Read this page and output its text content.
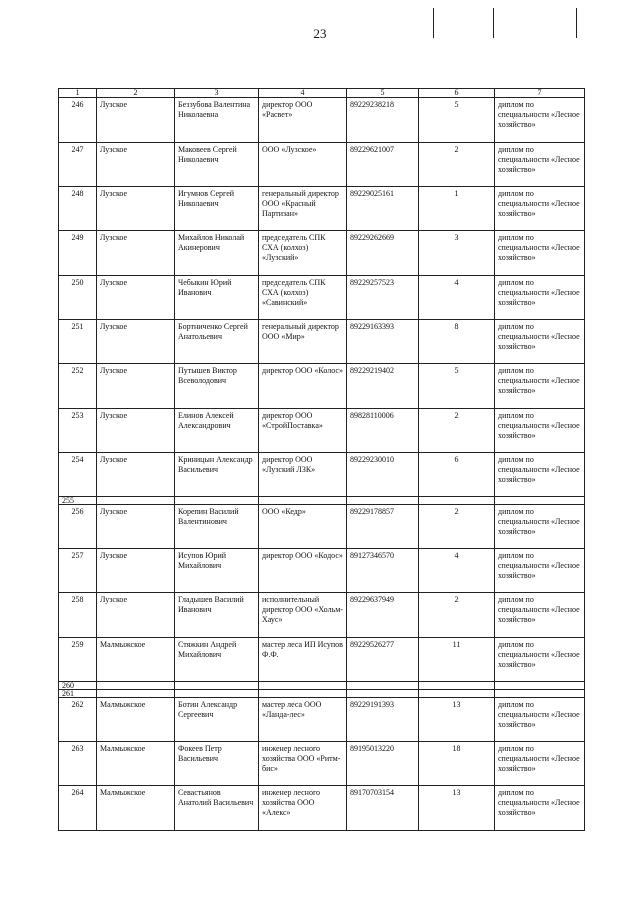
23
1	2	3	4	5	6	7
246	Лузское	Беззубова Валентина Николаевна	директор ООО «Расвет»	89229238218	5	диплом по специальности «Лесное хозяйство»
247	Лузское	Маковеев Сергей Николаевич	ООО «Лузское»	89229621007	2	диплом по специальности «Лесное хозяйство»
248	Лузское	Игумнов Сергей Николаевич	генеральный директор ООО «Красный Партизан»	89229025161	1	диплом по специальности «Лесное хозяйство»
249	Лузское	Михайлов Николай Акинерович	председатель СПК СХА (колхоз) «Лузский»	89229262669	3	диплом по специальности «Лесное хозяйство»
250	Лузское	Чебыкин Юрий Иванович	председатель СПК СХА (колхоз) «Савинский»	89229257523	4	диплом по специальности «Лесное хозяйство»
251	Лузское	Бортниченко Сергей Анатольевич	генеральный директор ООО «Мир»	89229163393	8	диплом по специальности «Лесное хозяйство»
252	Лузское	Путышев Виктор Всеволодович	директор ООО «Колос»	89229219402	5	диплом по специальности «Лесное хозяйство»
253	Лузское	Елинов Алексей Александрович	директор ООО «СтройПоставка»	89828110006	2	диплом по специальности «Лесное хозяйство»
254	Лузское	Криницын Александр Васильевич	директор ООО «Лузский ЛЗК»	89229230010	6	диплом по специальности «Лесное хозяйство»
255						
256	Лузское	Корепин Василий Валентинович	ООО «Кедр»	89229178857	2	диплом по специальности «Лесное хозяйство»
257	Лузское	Исупов Юрий Михайлович	директор ООО «Кодос»	89127346570	4	диплом по специальности «Лесное хозяйство»
258	Лузское	Гладышев Василий Иванович	исполнительный директор ООО «Хольм-Хаус»	89229637949	2	диплом по специальности «Лесное хозяйство»
259	Малмыжское	Стяжкин Андрей Михайлович	мастер леса ИП Исупов Ф.Ф.	89229526277	11	диплом по специальности «Лесное хозяйство»
260						
261						
262	Малмыжское	Ботин Александр Сергеевич	мастер леса ООО «Ланда-лес»	89229191393	13	диплом по специальности «Лесное хозяйство»
263	Малмыжское	Фокеев Петр Васильевич	инженер лесного хозяйства ООО «Ритм-бис»	89195013220	18	диплом по специальности «Лесное хозяйство»
264	Малмыжское	Севастьянов Анатолий Васильевич	инженер лесного хозяйства ООО «Алекс»	89170703154	13	диплом по специальности «Лесное хозяйство»
